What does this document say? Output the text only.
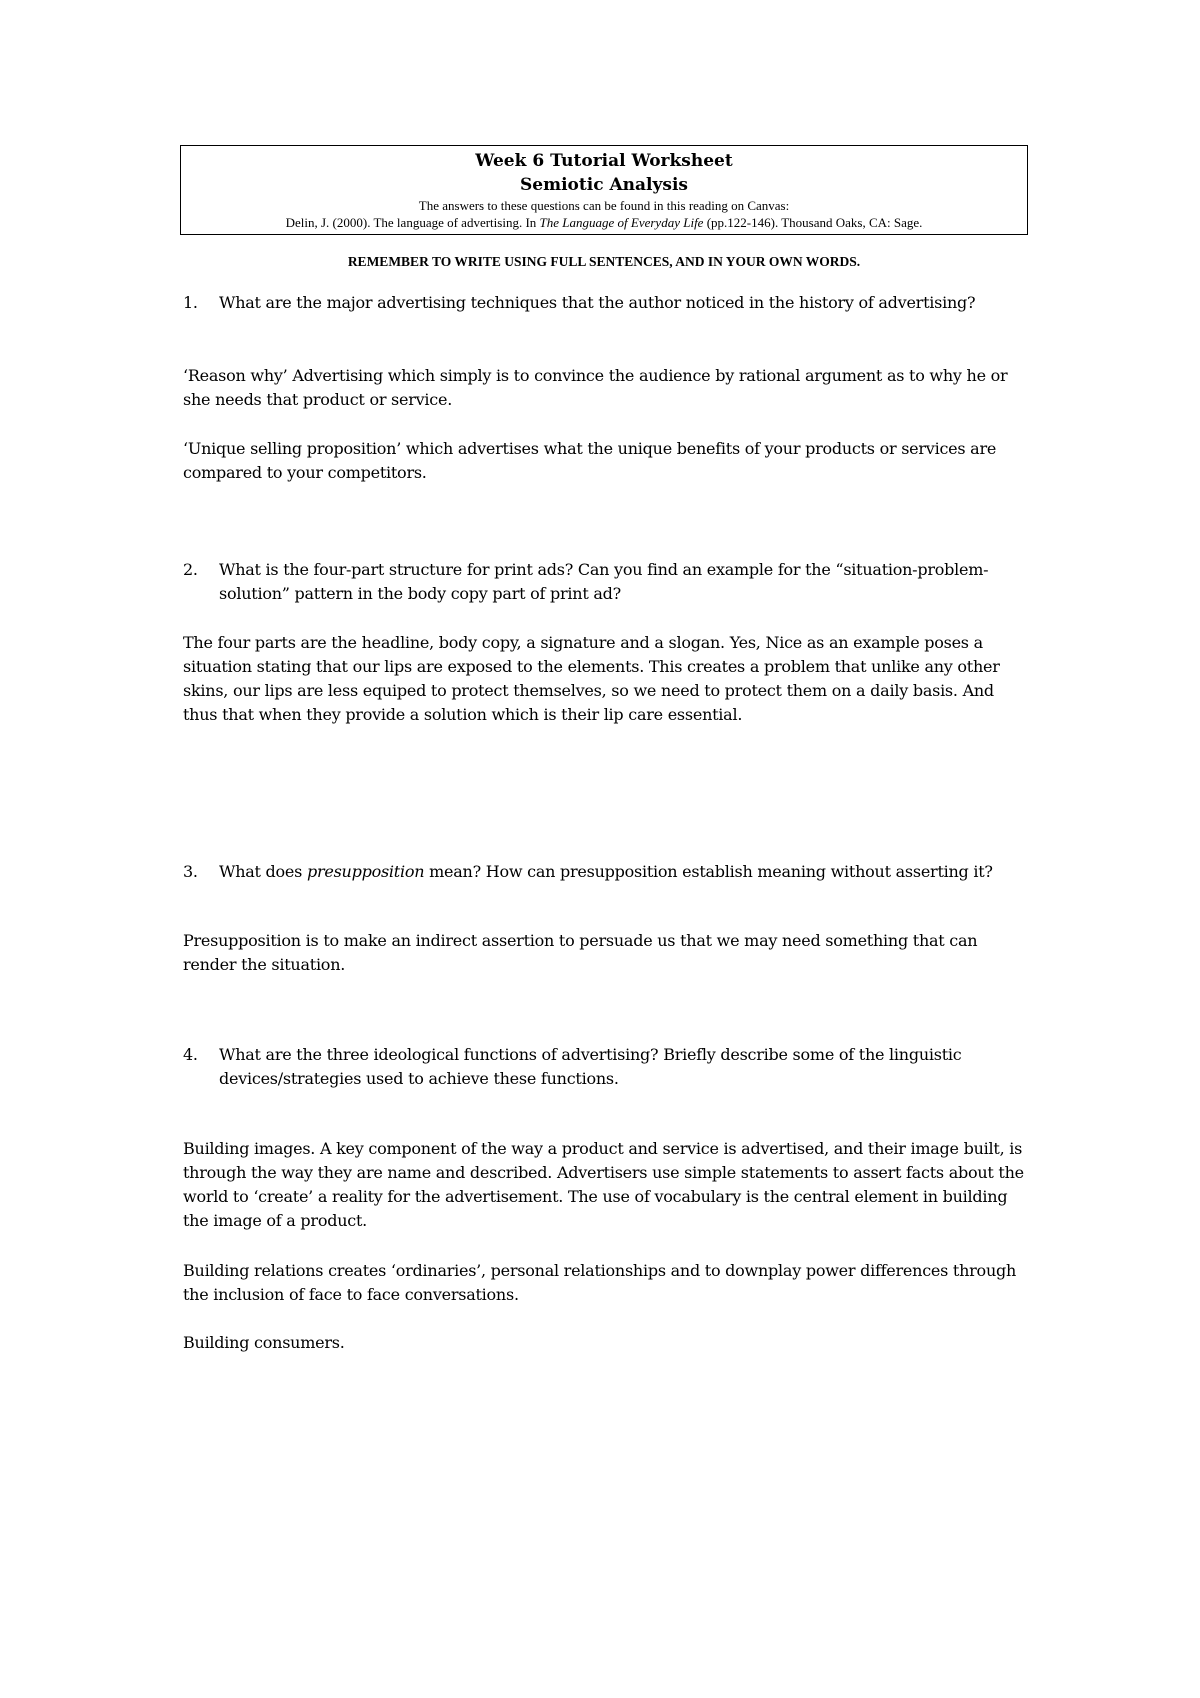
Week 6 Tutorial Worksheet
Semiotic Analysis
The answers to these questions can be found in this reading on Canvas:
Delin, J. (2000). The language of advertising. In The Language of Everyday Life (pp.122-146). Thousand Oaks, CA: Sage.
REMEMBER TO WRITE USING FULL SENTENCES, AND IN YOUR OWN WORDS.
1.	What are the major advertising techniques that the author noticed in the history of advertising?

‘Reason why’ Advertising which simply is to convince the audience by rational argument as to why he or she needs that product or service.

‘Unique selling proposition’ which advertises what the unique benefits of your products or services are compared to your competitors.

2.	What is the four-part structure for print ads? Can you find an example for the “situation-problem-solution” pattern in the body copy part of print ad?

The four parts are the headline, body copy, a signature and a slogan. Yes, Nice as an example poses a situation stating that our lips are exposed to the elements. This creates a problem that unlike any other skins, our lips are less equiped to protect themselves, so we need to protect them on a daily basis. And thus that when they provide a solution which is their lip care essential.

3.	What does presupposition mean? How can presupposition establish meaning without asserting it?

Presupposition is to make an indirect assertion to persuade us that we may need something that can render the situation.

4.	What are the three ideological functions of advertising? Briefly describe some of the linguistic devices/strategies used to achieve these functions.

Building images. A key component of the way a product and service is advertised, and their image built, is through the way they are name and described. Advertisers use simple statements to assert facts about the world to ‘create’ a reality for the advertisement. The use of vocabulary is the central element in building the image of a product.

Building relations creates ‘ordinaries’, personal relationships and to downplay power differences through the inclusion of face to face conversations.

Building consumers.
